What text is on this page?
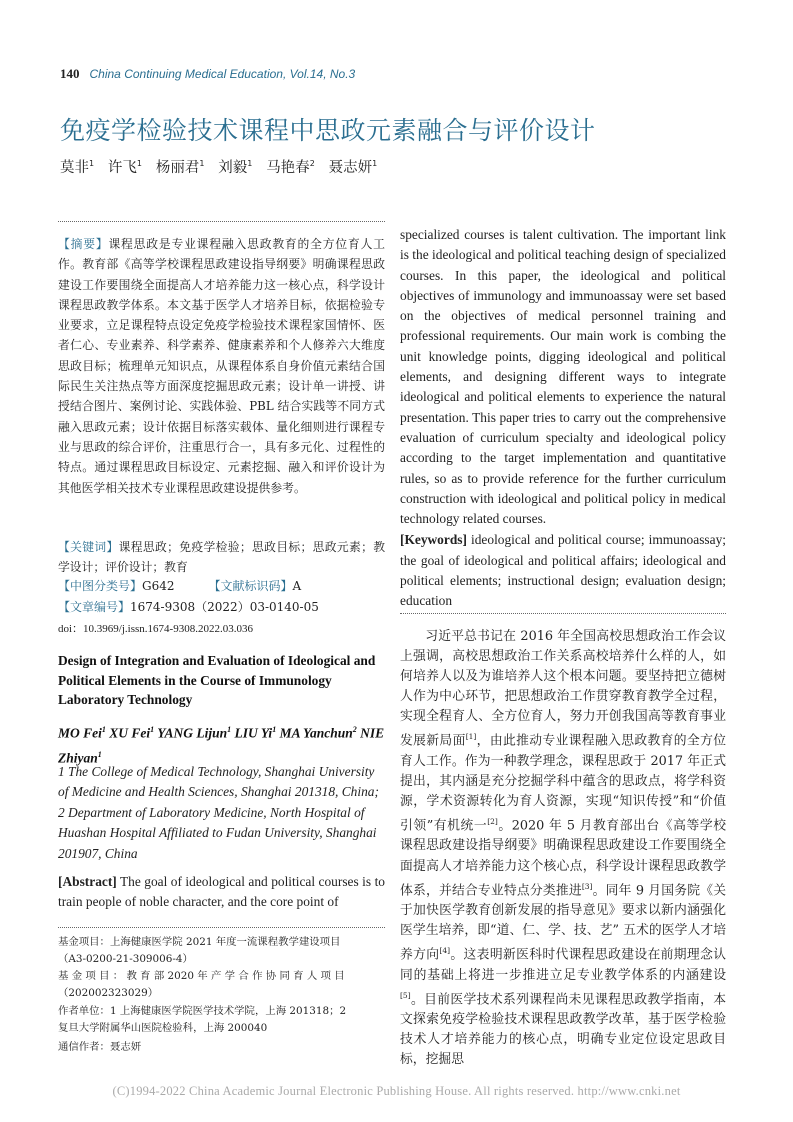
140 China Continuing Medical Education, Vol.14, No.3
免疫学检验技术课程中思政元素融合与评价设计
莫非$^1$ 许飞$^1$ 杨丽君$^1$ 刘毅$^1$ 马艳春$^2$ 聂志妍$^1$
【摘要】课程思政是专业课程融入思政教育的全方位育人工作。教育部《高等学校课程思政建设指导纲要》明确课程思政建设工作要围绕全面提高人才培养能力这一核心点，科学设计课程思政教学体系。本文基于医学人才培养目标，依据检验专业要求，立足课程特点设定免疫学检验技术课程家国情怀、医者仁心、专业素养、科学素养、健康素养和个人修养六大维度思政目标；梳理单元知识点，从课程体系自身价值元素结合国际民生关注热点等方面深度挖掘思政元素；设计单一讲授、讲授结合图片、案例讨论、实践体验、PBL 结合实践等不同方式融入思政元素；设计依据目标落实载体、量化细则进行课程专业与思政的综合评价，注重思行合一，具有多元化、过程性的特点。通过课程思政目标设定、元素挖掘、融入和评价设计为其他医学相关技术专业课程思政建设提供参考。
【关键词】课程思政；免疫学检验；思政目标；思政元素；教学设计；评价设计；教育
【中图分类号】G642	【文献标识码】A
【文章编号】1674-9308（2022）03-0140-05
doi：10.3969/j.issn.1674-9308.2022.03.036
Design of Integration and Evaluation of Ideological and Political Elements in the Course of Immunology Laboratory Technology
MO Fei$^1$ XU Fei$^1$ YANG Lijun$^1$ LIU Yi$^1$ MA Yanchun$^2$ NIE Zhiyan$^1$
1 The College of Medical Technology, Shanghai University of Medicine and Health Sciences, Shanghai 201318, China;
2 Department of Laboratory Medicine, North Hospital of Huashan Hospital Affiliated to Fudan University, Shanghai 201907, China
[Abstract] The goal of ideological and political courses is to train people of noble character, and the core point of
基金项目：上海健康医学院 2021 年度一流课程教学建设项目
（A3-0200-21-309006-4）
基 金 项 目 ： 教 育 部 2020 年 产 学 合 作 协 同 育 人 项 目
（202002323029）
作者单位：1 上海健康医学院医学技术学院，上海 201318；2
复旦大学附属华山医院检验科，上海 200040
通信作者：聂志妍
specialized courses is talent cultivation. The important link is the ideological and political teaching design of specialized courses. In this paper, the ideological and political objectives of immunology and immunoassay were set based on the objectives of medical personnel training and professional requirements. Our main work is combing the unit knowledge points, digging ideological and political elements, and designing different ways to integrate ideological and political elements to experience the natural presentation. This paper tries to carry out the comprehensive evaluation of curriculum specialty and ideological policy according to the target implementation and quantitative rules, so as to provide reference for the further curriculum construction with ideological and political policy in medical technology related courses.
[Keywords] ideological and political course; immunoassay; the goal of ideological and political affairs; ideological and political elements; instructional design; evaluation design; education
习近平总书记在 2016 年全国高校思想政治工作会议上强调，高校思想政治工作关系高校培养什么样的人，如何培养人以及为谁培养人这个根本问题。要坚持把立德树人作为中心环节，把思想政治工作贯穿教育教学全过程，实现全程育人、全方位育人，努力开创我国高等教育事业发展新局面[1]，由此推动专业课程融入思政教育的全方位育人工作。作为一种教学理念，课程思政于 2017 年正式提出，其内涵是充分挖掘学科中蕴含的思政点，将学科资源，学术资源转化为育人资源，实现“知识传授”和“价值引领”有机统一[2]。2020 年 5 月教育部出台《高等学校课程思政建设指导纲要》明确课程思政建设工作要围绕全面提高人才培养能力这个核心点，科学设计课程思政教学体系，并结合专业特点分类推进[3]。同年 9 月国务院《关于加快医学教育创新发展的指导意见》要求以新内涵强化医学生培养，即“道、仁、学、技、艺” 五术的医学人才培养方向[4]。这表明新医科时代课程思政建设在前期理念认同的基础上将进一步推进立足专业教学体系的内涵建设[5]。目前医学技术系列课程尚未见课程思政教学指南，本文探索免疫学检验技术课程思政教学改革，基于医学检验技术人才培养能力的核心点，明确专业定位设定思政目标，挖掘思
(C)1994-2022 China Academic Journal Electronic Publishing House. All rights reserved. http://www.cnki.net
